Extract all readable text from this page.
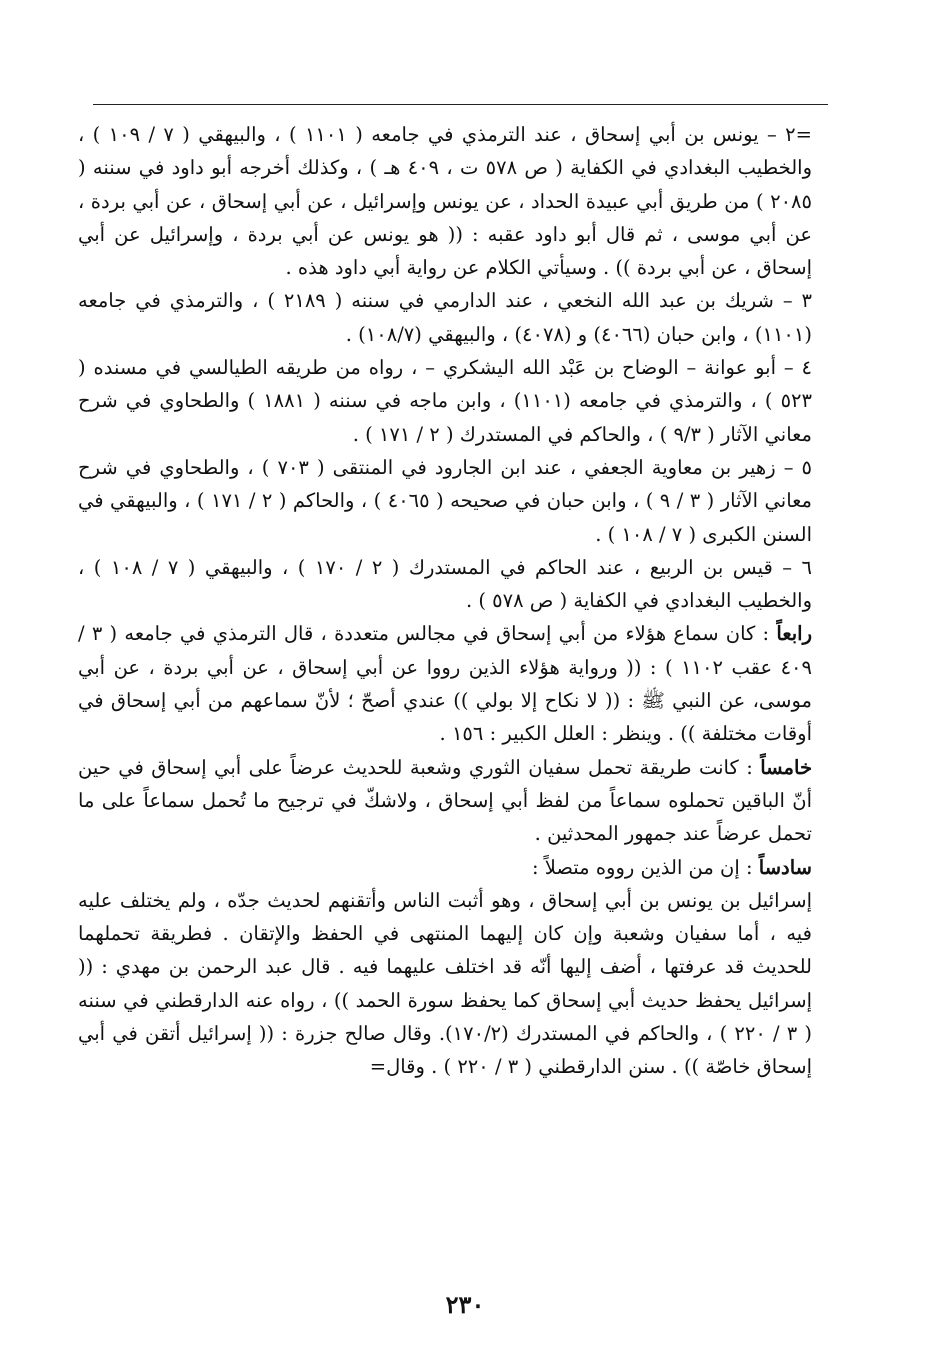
=٢ – يونس بن أبي إسحاق ، عند الترمذي في جامعه ( ١١٠١ ) ، والبيهقي ( ٧ / ١٠٩ ) ، والخطيب البغدادي في الكفاية ( ص ٥٧٨ ت ، ٤٠٩ هـ ) ، وكذلك أخرجه أبو داود في سننه ( ٢٠٨٥ ) من طريق أبي عبيدة الحداد ، عن يونس وإسرائيل ، عن أبي إسحاق ، عن أبي بردة ، عن أبي موسى ، ثم قال أبو داود عقبه : (( هو يونس عن أبي بردة ، وإسرائيل عن أبي إسحاق ، عن أبي بردة )) . وسيأتي الكلام عن رواية أبي داود هذه .

٣ – شريك بن عبد الله النخعي ، عند الدارمي في سننه ( ٢١٨٩ ) ، والترمذي في جامعه (١١٠١) ، وابن حبان (٤٠٦٦) و (٤٠٧٨) ، والبيهقي (١٠٨/٧) .

٤ – أبو عوانة – الوضاح بن عَبْد الله اليشكري – ، رواه من طريقه الطيالسي في مسنده ( ٥٢٣ ) ، والترمذي في جامعه (١١٠١) ، وابن ماجه في سننه ( ١٨٨١ ) والطحاوي في شرح معاني الآثار ( ٩/٣ ) ، والحاكم في المستدرك ( ٢ / ١٧١ ) .

٥ – زهير بن معاوية الجعفي ، عند ابن الجارود في المنتقى ( ٧٠٣ ) ، والطحاوي في شرح معاني الآثار ( ٣ / ٩ ) ، وابن حبان في صحيحه ( ٤٠٦٥ ) ، والحاكم ( ٢ / ١٧١ ) ، والبيهقي في السنن الكبرى ( ٧ / ١٠٨ ) .

٦ – قيس بن الربيع ، عند الحاكم في المستدرك ( ٢ / ١٧٠ ) ، والبيهقي ( ٧ / ١٠٨ ) ، والخطيب البغدادي في الكفاية ( ص ٥٧٨ ) .

رابعاً : كان سماع هؤلاء من أبي إسحاق في مجالس متعددة ، قال الترمذي في جامعه ( ٣ / ٤٠٩ عقب ١١٠٢ ) : (( ورواية هؤلاء الذين رووا عن أبي إسحاق ، عن أبي بردة ، عن أبي موسى، عن النبي ﷺ : (( لا نكاح إلا بولي )) عندي أصحّ ؛ لأنّ سماعهم من أبي إسحاق في أوقات مختلفة )) . وينظر : العلل الكبير : ١٥٦ .

خامساً : كانت طريقة تحمل سفيان الثوري وشعبة للحديث عرضاً على أبي إسحاق في حين أنّ الباقين تحملوه سماعاً من لفظ أبي إسحاق ، ولاشكّ في ترجيح ما تُحمل سماعاً على ما تحمل عرضاً عند جمهور المحدثين .

سادساً : إن من الذين رووه متصلاً :

إسرائيل بن يونس بن أبي إسحاق ، وهو أثبت الناس وأتقنهم لحديث جدّه ، ولم يختلف عليه فيه ، أما سفيان وشعبة وإن كان إليهما المنتهى في الحفظ والإتقان . فطريقة تحملهما للحديث قد عرفتها ، أضف إليها أنّه قد اختلف عليهما فيه . قال عبد الرحمن بن مهدي : (( إسرائيل يحفظ حديث أبي إسحاق كما يحفظ سورة الحمد )) ، رواه عنه الدارقطني في سننه ( ٣ / ٢٢٠ ) ، والحاكم في المستدرك (١٧٠/٢). وقال صالح جزرة : (( إسرائيل أتقن في أبي إسحاق خاصّة )) . سنن الدارقطني ( ٣ / ٢٢٠ ) . وقال=

٢٣٠
